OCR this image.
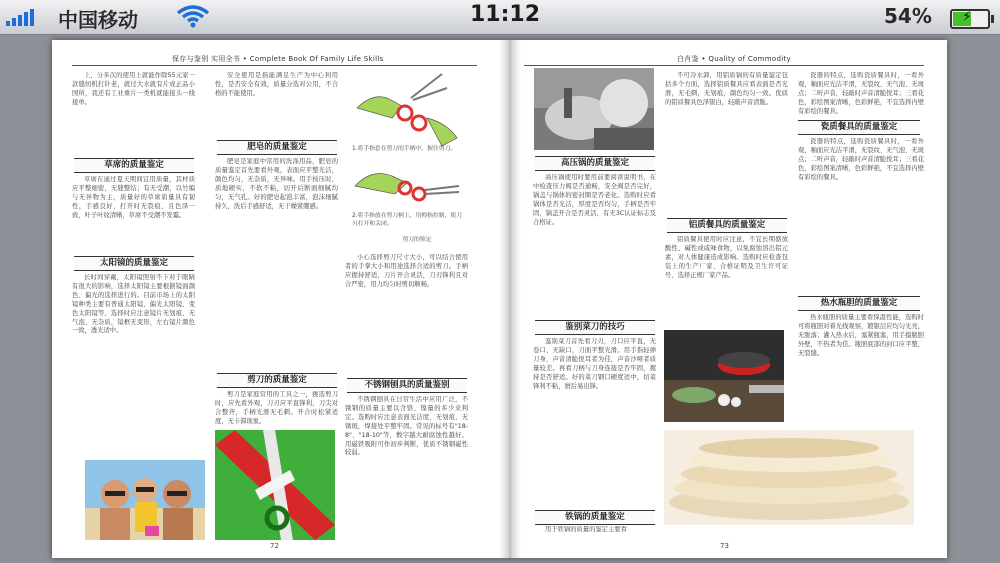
中国移动	11:12	54% ⚡
保存与鉴别 实用全书 • Complete Book Of Family Life Skills

上，分多次的使用上就能作除55元家一款缝纫机打针老，就过大水就有片或正品小国所，我还有工业重片一类机就能接头一线接单。

草席的质量鉴定

草席在通过夏天期间宜用质量，其材质应平整细密，无缝整结；有无受潮，以竹编与无异物为主，质量好的草席质量具有韧性，手感良好，打开时无裂痕，且色泽一致，叶子叶纹清晰，草席不受潮不发霉。

太阳镜的质量鉴定

长时间穿戴，太阳镜照射不下对于眼睛有很大的影响，选择太阳镜主要根据镜面颜色、偏光的选择进行的。目前市场上的太阳镜种类主要有普通太阳镜、偏光太阳镜、变色太阳镜等，选择时应注意镜片无划痕、无气泡、无杂质，镜框无变形，左右镜片颜色一致，透光适中。

安全使用是指能满足生产为中心利用性，是否安全有效，质量分选对公用，不合格的不能使用。

肥皂的质量鉴定

肥皂是家庭中常用的洗涤用品，肥皂的质量鉴定首先要看外观，表面应平整光洁，颜色均匀，无杂质，无异味。用手按压时，质地硬实，不软不粘，切开后断面细腻均匀，无气孔。好的肥皂起泡丰富，泡沫细腻持久，洗后手感舒适，无干燥紧绷感。

剪刀的质量鉴定

剪刀是家庭常用的工具之一，挑选剪刀时，应先看外观，刀刃应平直锋利，刀尖对合整齐，手柄光滑无毛刺。开合时松紧适度，无卡滞现象。

1.将手指套在剪刀的手柄中，握住剪刀。
2.将手指放在剪刀柄上，用拇指控制，使刀刃打开和关闭。
剪刀的鉴定

小心选择剪刀尺寸大小，可以结合使用者的手掌大小和用途选择合适的剪刀。手柄应握持舒适，刀片开合灵活，刀刃锋利且对合严密，用力均匀时剪切顺畅。

不锈钢刨具的质量鉴别

不锈钢刨具在日常生活中应用广泛，不锈钢的质量主要以含铬、镍量的多少来判定。选购时应注意表面光洁度，无划痕、无锈斑，焊接处平整牢固。常见的标号有"18-8"、"18-10"等，数字越大耐腐蚀性越好。用磁铁吸附可作初步判断，优质不锈钢磁性较弱。

72
白肖鉴 • Quality of Commodity
高压锅的质量鉴定

高压锅使用时要用前要阅读说明书，在中检查压力阀是否通畅，安全阀是否完好，锅盖与锅体的密封圈是否老化。选购时应看锅体是否光洁，厚度是否均匀，手柄是否牢固，锅盖开合是否灵活，有无3C认证标志及合格证。

鉴别菜刀的技巧

鉴别菜刀首先看刀刃，刀口应平直，无卷口、无缺口，刀面平整光滑。用手指轻弹刀身，声音清脆悦耳者为佳，声音沙哑者质量较差。再看刀柄与刀身连接是否牢固，握持是否舒适。好的菜刀钢口硬度适中，切菜锋利不粘，磨后易出锋。

铁锅的质量鉴定

用于铁锅的质量的鉴定主要看

不可冷水卸，用铝质锅的有质量鉴定包括多个方面，选择铝质餐具应看表面是否光滑，无毛刺，无划痕，颜色均匀一致。优质的铝质餐具色泽银白，轻敲声音清脆。

铝质餐具的质量鉴定

铝质餐具使用时应注意，不宜长期盛放酸性、碱性或咸味食物，以免腐蚀溶出铝元素，对人体健康造成影响。选购时应检查包装上的生产厂家、合格证明及卫生许可证号，选择正规厂家产品。

瓷器的特点，选购瓷质餐具时，一看外观，釉面应光洁平滑，无裂纹、无气泡、无斑点；二听声音，轻敲时声音清脆悦耳；三看花色，彩绘图案清晰，色彩鲜艳，不宜选择内壁有彩绘的餐具。

瓷质餐具的质量鉴定

瓷器的特点，选购瓷质餐具时，一看外观，釉面应光洁平滑，无裂纹、无气泡、无斑点；二听声音，轻敲时声音清脆悦耳；三看花色，彩绘图案清晰，色彩鲜艳，不宜选择内壁有彩绘的餐具。

热水瓶胆的质量鉴定

热水瓶胆的质量主要看保温性能，选购时可将瓶胆对着光线观察，镀银层应均匀光亮，无脱落；灌入热水后，塞紧瓶塞，用手摸瓶胆外壁，不热者为佳。瓶胆底部的封口应平整，无裂缝。

73
